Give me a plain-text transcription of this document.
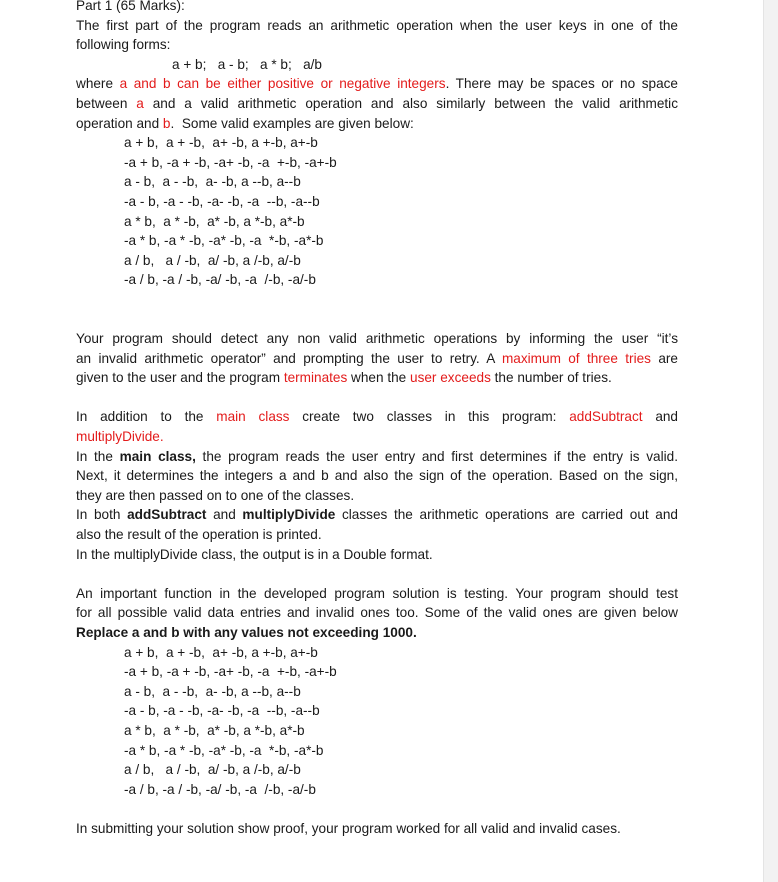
Part 1 (65 Marks):
The first part of the program reads an arithmetic operation when the user keys in one of the
following forms:
a + b;   a - b;   a * b;   a/b
where a and b can be either positive or negative integers. There may be spaces or no space
between a and a valid arithmetic operation and also similarly between the valid arithmetic
operation and b.  Some valid examples are given below:
a + b,  a + -b,  a+ -b, a +-b, a+-b
-a + b, -a + -b, -a+ -b, -a  +-b, -a+-b
a - b,  a - -b,  a- -b, a --b, a--b
-a - b, -a - -b, -a- -b, -a  --b, -a--b
a * b,  a * -b,  a* -b, a *-b, a*-b
-a * b, -a * -b, -a* -b, -a  *-b, -a*-b
a / b,   a / -b,  a/ -b, a /-b, a/-b
-a / b, -a / -b, -a/ -b, -a  /-b, -a/-b
Your program should detect any non valid arithmetic operations by informing the user “it’s
an invalid arithmetic operator” and prompting the user to retry. A maximum of three tries are
given to the user and the program terminates when the user exceeds the number of tries.
In addition to the main class create two classes in this program: addSubtract and
multiplyDivide.
In the main class, the program reads the user entry and first determines if the entry is valid.
Next, it determines the integers a and b and also the sign of the operation. Based on the sign,
they are then passed on to one of the classes.
In both addSubtract and multiplyDivide classes the arithmetic operations are carried out and
also the result of the operation is printed.
In the multiplyDivide class, the output is in a Double format.
An important function in the developed program solution is testing. Your program should test
for all possible valid data entries and invalid ones too. Some of the valid ones are given below
Replace a and b with any values not exceeding 1000.
a + b,  a + -b,  a+ -b, a +-b, a+-b
-a + b, -a + -b, -a+ -b, -a  +-b, -a+-b
a - b,  a - -b,  a- -b, a --b, a--b
-a - b, -a - -b, -a- -b, -a  --b, -a--b
a * b,  a * -b,  a* -b, a *-b, a*-b
-a * b, -a * -b, -a* -b, -a  *-b, -a*-b
a / b,   a / -b,  a/ -b, a /-b, a/-b
-a / b, -a / -b, -a/ -b, -a  /-b, -a/-b
In submitting your solution show proof, your program worked for all valid and invalid cases.
